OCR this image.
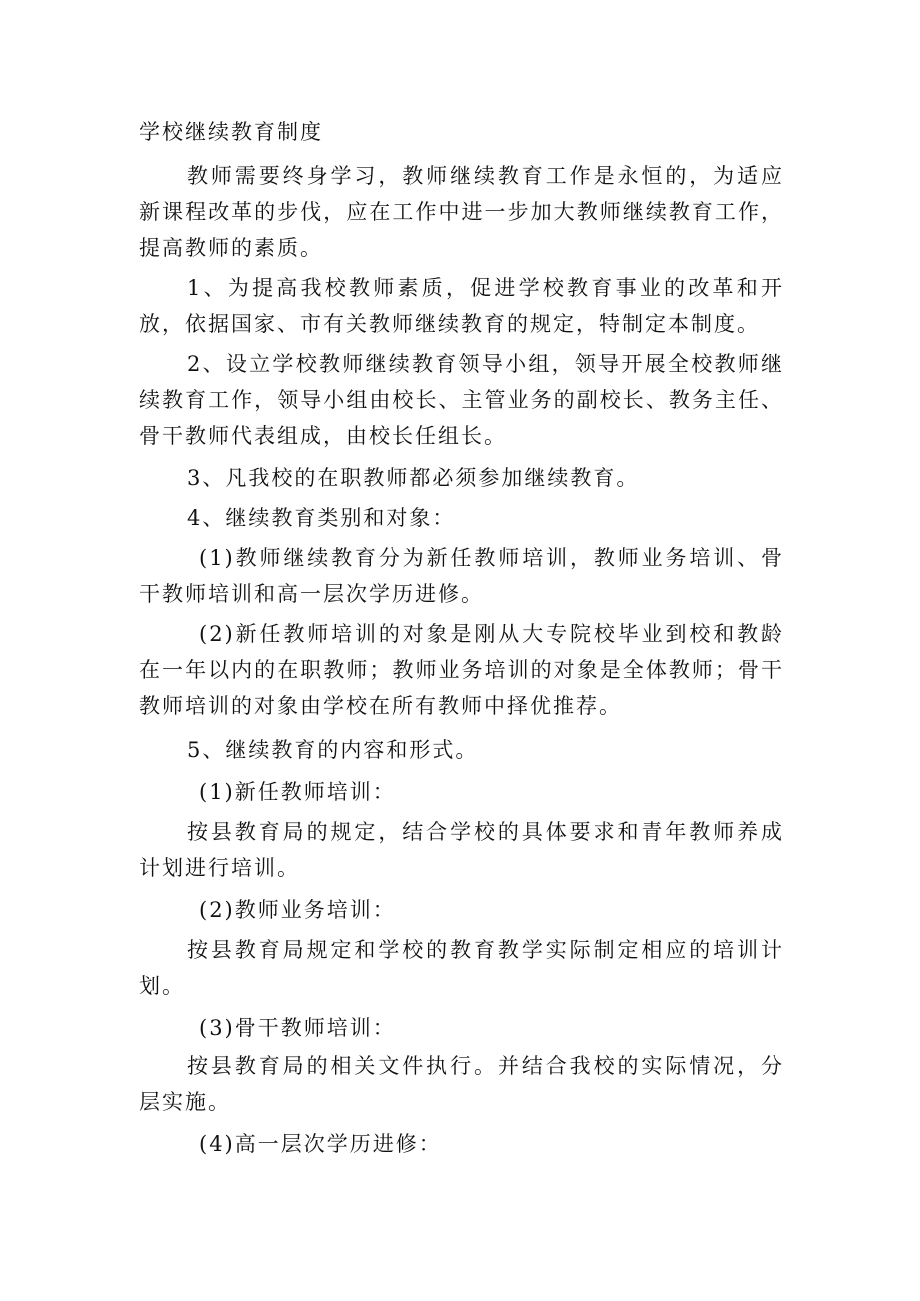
学校继续教育制度

教师需要终身学习，教师继续教育工作是永恒的，为适应新课程改革的步伐，应在工作中进一步加大教师继续教育工作，提高教师的素质。

1、为提高我校教师素质，促进学校教育事业的改革和开放，依据国家、市有关教师继续教育的规定，特制定本制度。

2、设立学校教师继续教育领导小组，领导开展全校教师继续教育工作，领导小组由校长、主管业务的副校长、教务主任、骨干教师代表组成，由校长任组长。

3、凡我校的在职教师都必须参加继续教育。

4、继续教育类别和对象：

(1)教师继续教育分为新任教师培训，教师业务培训、骨干教师培训和高一层次学历进修。

(2)新任教师培训的对象是刚从大专院校毕业到校和教龄在一年以内的在职教师；教师业务培训的对象是全体教师；骨干教师培训的对象由学校在所有教师中择优推荐。

5、继续教育的内容和形式。

(1)新任教师培训：

按县教育局的规定，结合学校的具体要求和青年教师养成计划进行培训。

(2)教师业务培训：

按县教育局规定和学校的教育教学实际制定相应的培训计划。

(3)骨干教师培训：

按县教育局的相关文件执行。并结合我校的实际情况，分层实施。

(4)高一层次学历进修：
